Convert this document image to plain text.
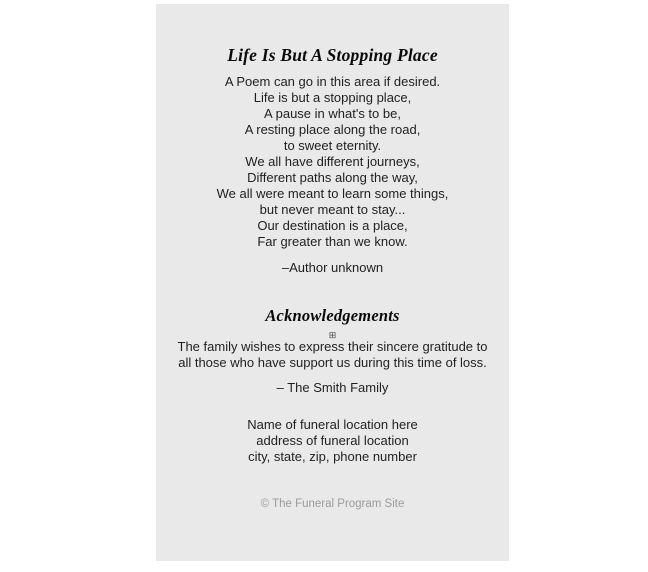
Life Is But A Stopping Place
A Poem can go in this area if desired.
Life is but a stopping place,
A pause in what's to be,
A resting place along the road,
to sweet eternity.
We all have different journeys,
Different paths along the way,
We all were meant to learn some things,
but never meant to stay...
Our destination is a place,
Far greater than we know.
–Author unknown
Acknowledgements
⊞
The family wishes to express their sincere gratitude to
all those who have support us during this time of loss.
– The Smith Family
Name of funeral location here
address of funeral location
city, state, zip, phone number
© The Funeral Program Site
